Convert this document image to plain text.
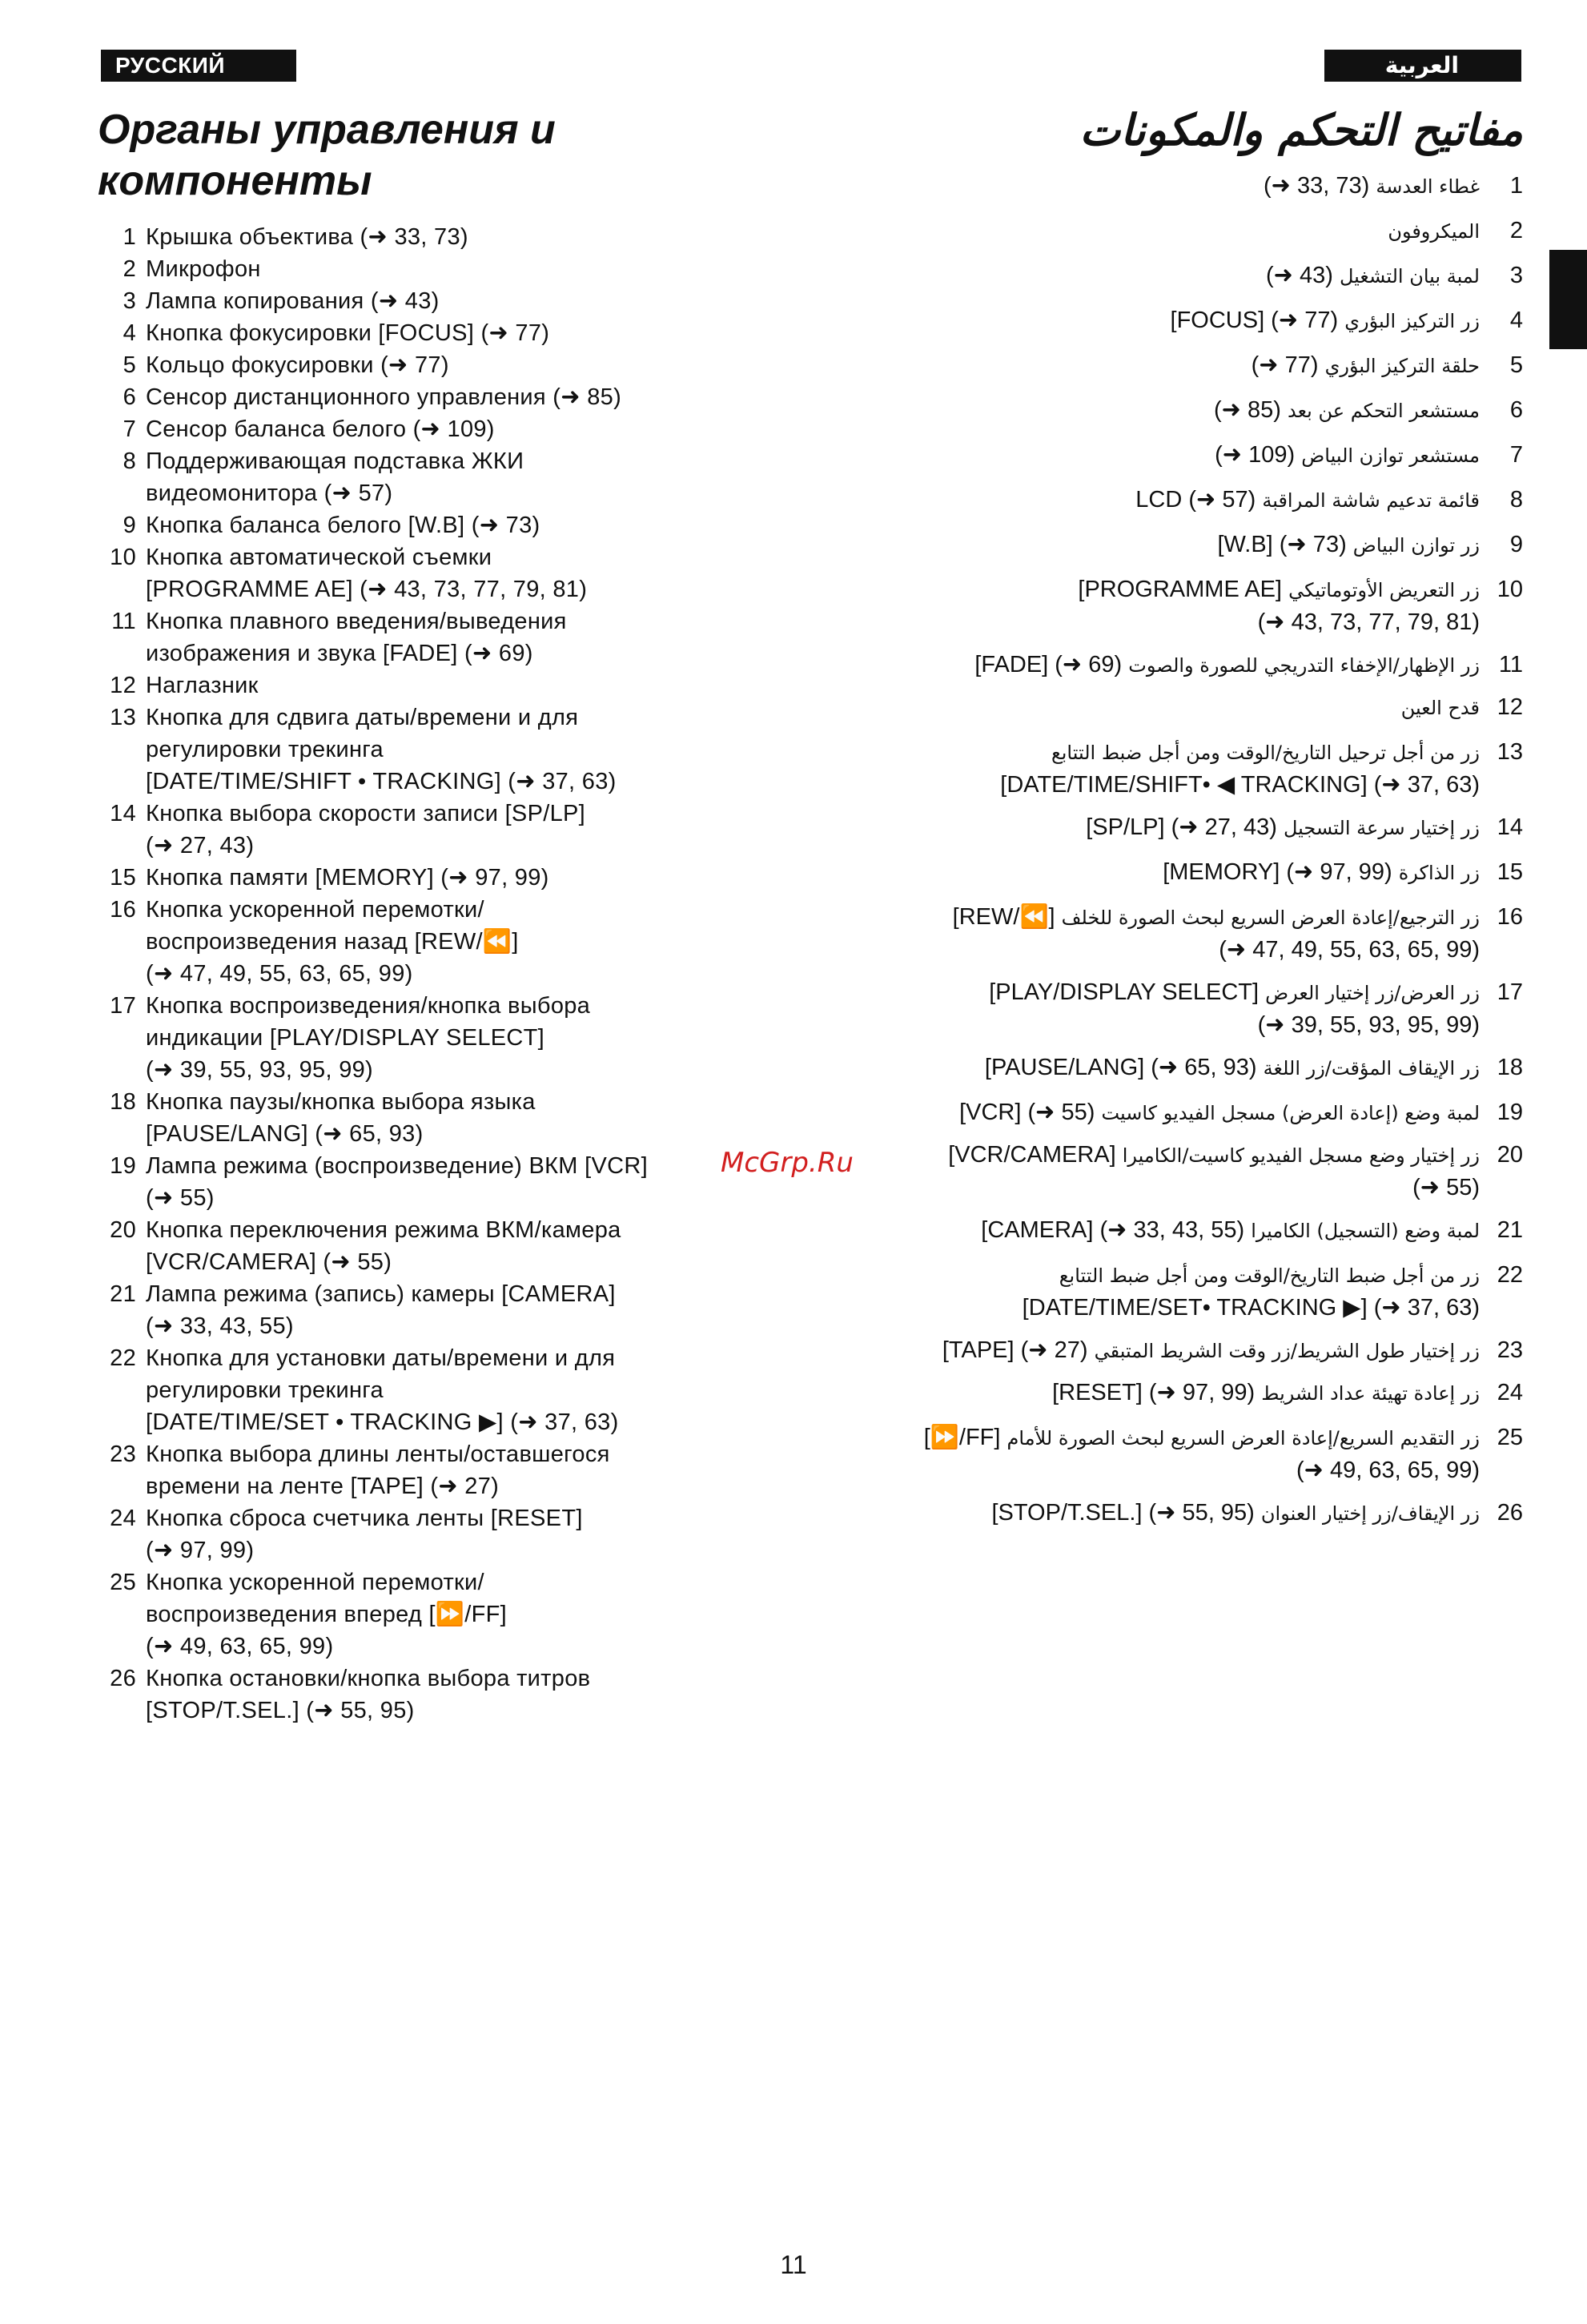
РУССКИЙ ЯЗЫК
العربية
Органы управления и
компоненты
مفاتيح التحكم والمكونات
1 Крышка объектива (➜ 33, 73)
2 Микрофон
3 Лампа копирования (➜ 43)
4 Кнопка фокусировки [FOCUS] (➜ 77)
5 Кольцо фокусировки (➜ 77)
6 Сенсор дистанционного управления (➜ 85)
7 Сенсор баланса белого (➜ 109)
8 Поддерживающая подставка ЖКИ
видеомонитора (➜ 57)
9 Кнопка баланса белого [W.B] (➜ 73)
10 Кнопка автоматической съемки
[PROGRAMME AE] (➜ 43, 73, 77, 79, 81)
11 Кнопка плавного введения/выведения
изображения и звука [FADE] (➜ 69)
12 Наглазник
13 Кнопка для сдвига даты/времени и для
регулировки трекинга
[DATE/TIME/SHIFT • TRACKING] (➜ 37, 63)
14 Кнопка выбора скорости записи [SP/LP]
(➜ 27, 43)
15 Кнопка памяти [MEMORY] (➜ 97, 99)
16 Кнопка ускоренной перемотки/
воспроизведения назад [REW/⏪]
(➜ 47, 49, 55, 63, 65, 99)
17 Кнопка воспроизведения/кнопка выбора
индикации [PLAY/DISPLAY SELECT]
(➜ 39, 55, 93, 95, 99)
18 Кнопка паузы/кнопка выбора языка
[PAUSE/LANG] (➜ 65, 93)
19 Лампа режима (воспроизведение) ВКМ [VCR]
(➜ 55)
20 Кнопка переключения режима ВКМ/камера
[VCR/CAMERA] (➜ 55)
21 Лампа режима (запись) камеры [CAMERA]
(➜ 33, 43, 55)
22 Кнопка для установки даты/времени и для
регулировки трекинга
[DATE/TIME/SET • TRACKING ▶] (➜ 37, 63)
23 Кнопка выбора длины ленты/оставшегося
времени на ленте [TAPE] (➜ 27)
24 Кнопка сброса счетчика ленты [RESET]
(➜ 97, 99)
25 Кнопка ускоренной перемотки/
воспроизведения вперед [⏩/FF]
(➜ 49, 63, 65, 99)
26 Кнопка остановки/кнопка выбора титров
[STOP/T.SEL.] (➜ 55, 95)
1
غطاء العدسة (➜ 33, 73)
2
الميكروفون
3
لمبة بيان التشغيل (➜ 43)
4
زر التركيز البؤري [FOCUS] (➜ 77)
5
حلقة التركيز البؤري (➜ 77)
6
مستشعر التحكم عن بعد (➜ 85)
7
مستشعر توازن البياض (➜ 109)
8
قائمة تدعيم شاشة المراقبة LCD (➜ 57)
9
زر توازن البياض [W.B] (➜ 73)
10
زر التعريض الأوتوماتيكي [PROGRAMME AE]
(➜ 43, 73, 77, 79, 81)
11
زر الإظهار/الإخفاء التدريجي للصورة والصوت [FADE] (➜ 69)
12
قدح العين
13
زر من أجل ترحيل التاريخ/الوقت ومن أجل ضبط التتابع
[DATE/TIME/SHIFT• ◀ TRACKING] (➜ 37, 63)
14
زر إختيار سرعة التسجيل [SP/LP] (➜ 27, 43)
15
زر الذاكرة [MEMORY] (➜ 97, 99)
16
زر الترجيع/إعادة العرض السريع لبحث الصورة للخلف [REW/⏪]
(➜ 47, 49, 55, 63, 65, 99)
17
زر العرض/زر إختيار العرض [PLAY/DISPLAY SELECT]
(➜ 39, 55, 93, 95, 99)
18
زر الإيقاف المؤقت/زر اللغة [PAUSE/LANG] (➜ 65, 93)
19
لمبة وضع (إعادة العرض) مسجل الفيديو كاسيت [VCR] (➜ 55)
20
زر إختيار وضع مسجل الفيديو كاسيت/الكاميرا [VCR/CAMERA]
(➜ 55)
21
لمبة وضع (التسجيل) الكاميرا [CAMERA] (➜ 33, 43, 55)
22
زر من أجل ضبط التاريخ/الوقت ومن أجل ضبط التتابع
[DATE/TIME/SET• TRACKING ▶] (➜ 37, 63)
23
زر إختيار طول الشريط/زر وقت الشريط المتبقي [TAPE] (➜ 27)
24
زر إعادة تهيئة عداد الشريط [RESET] (➜ 97, 99)
25
زر التقديم السريع/إعادة العرض السريع لبحث الصورة للأمام [⏩/FF]
(➜ 49, 63, 65, 99)
26
زر الإيقاف/زر إختيار العنوان [STOP/T.SEL.] (➜ 55, 95)
McGrp.Ru
11
